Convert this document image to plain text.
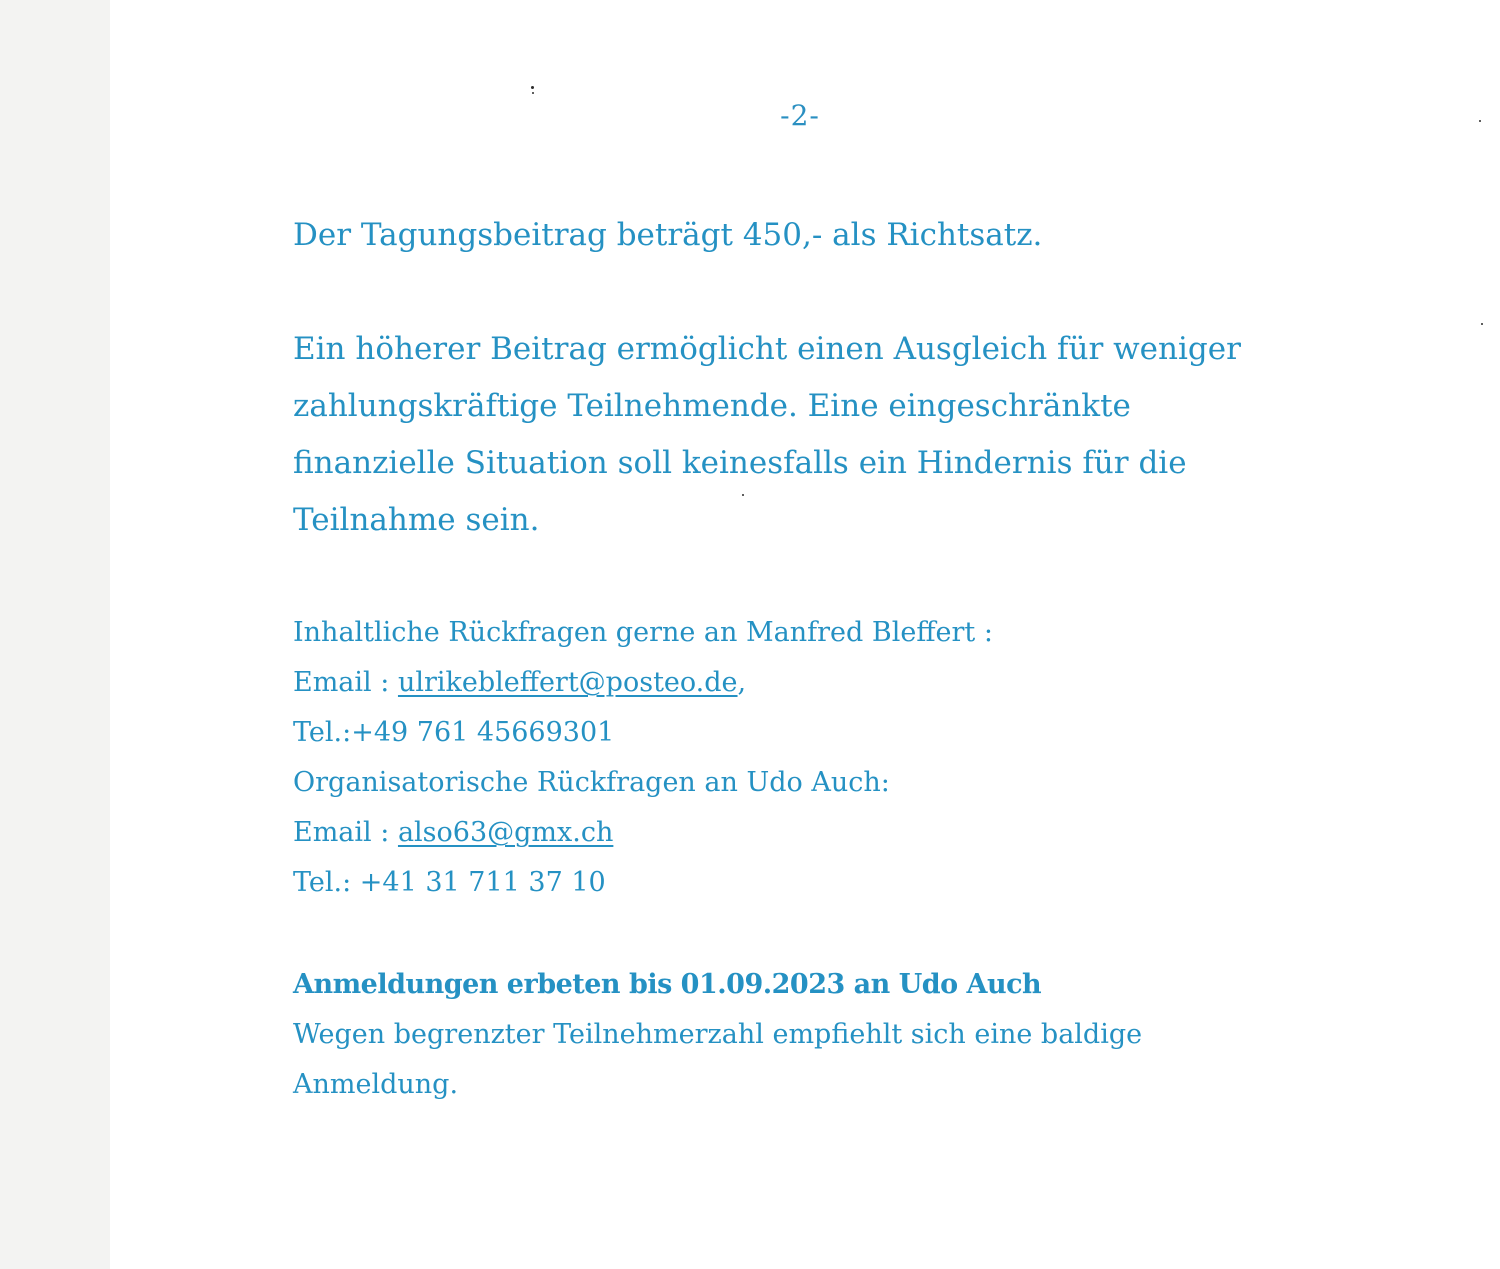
-2-
Der Tagungsbeitrag beträgt 450,- als Richtsatz.
Ein höherer Beitrag ermöglicht einen Ausgleich für weniger
zahlungskräftige Teilnehmende. Eine eingeschränkte
finanzielle Situation soll keinesfalls ein Hindernis für die
Teilnahme sein.
Inhaltliche Rückfragen gerne an Manfred Bleffert :
Email : ulrikebleffert@posteo.de,
Tel.:+49 761 45669301
Organisatorische Rückfragen an Udo Auch:
Email : also63@gmx.ch
Tel.: +41 31 711 37 10
Anmeldungen erbeten bis 01.09.2023 an Udo Auch
Wegen begrenzter Teilnehmerzahl empfiehlt sich eine baldige
Anmeldung.
